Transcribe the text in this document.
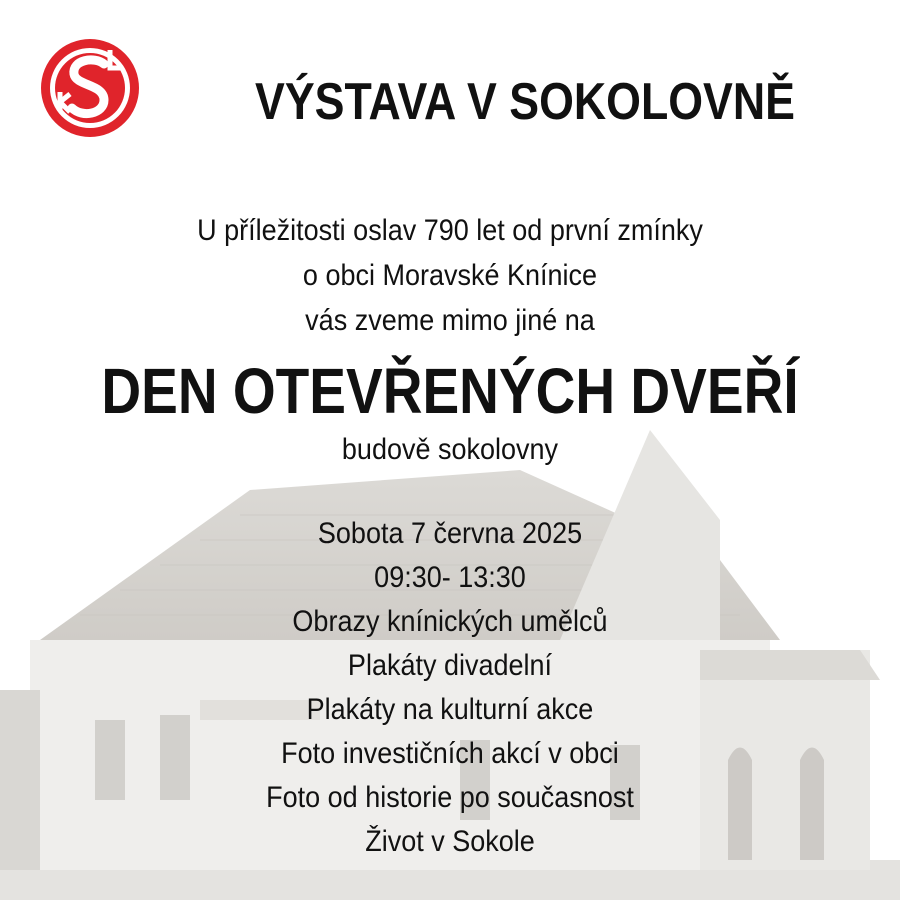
VÝSTAVA V SOKOLOVNĚ
U příležitosti oslav 790 let od první zmínky
o obci Moravské Knínice
vás zveme mimo jiné na
DEN OTEVŘENÝCH DVEŘÍ
budově sokolovny
Sobota 7 června 2025
09:30- 13:30
Obrazy knínických umělců
Plakáty divadelní
Plakáty na kulturní akce
Foto investičních akcí v obci
Foto od historie po současnost
Život v Sokole
